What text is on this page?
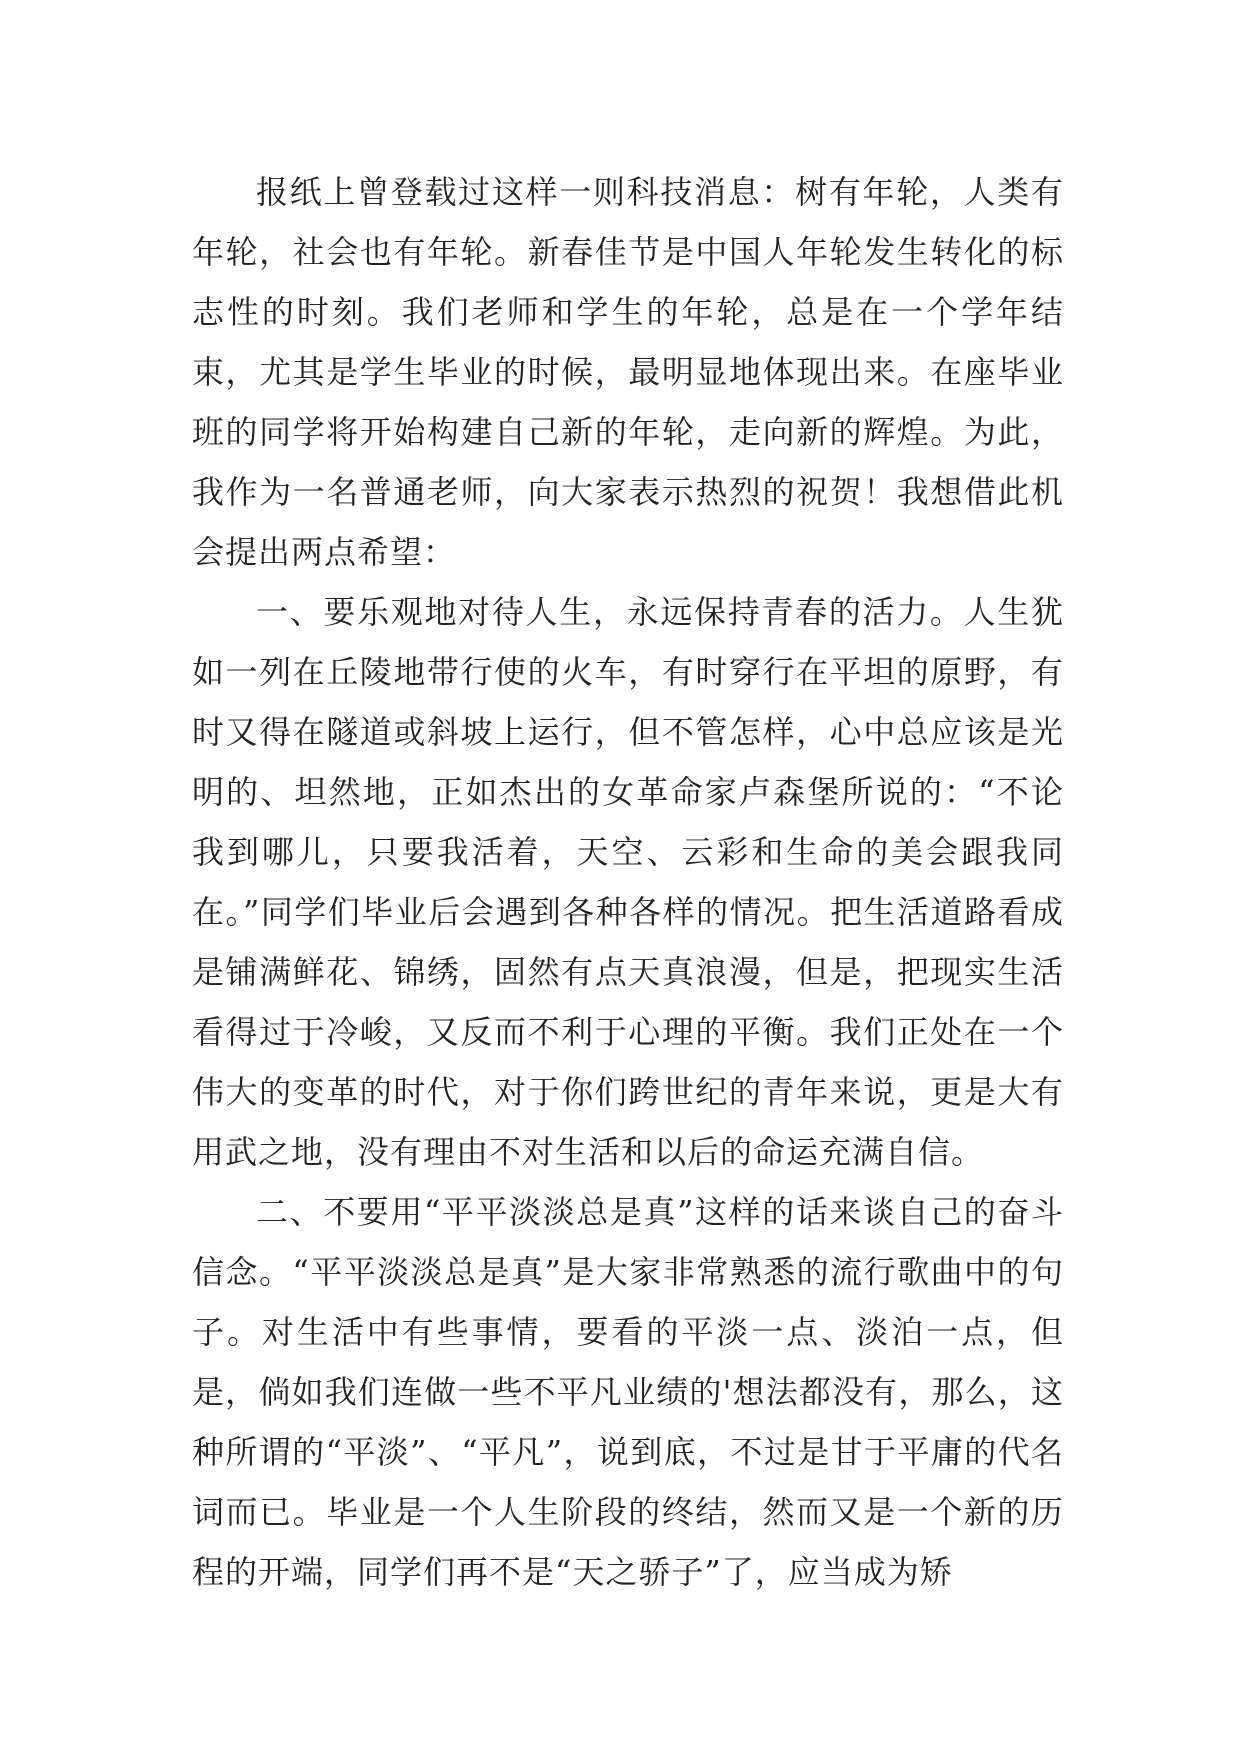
报纸上曾登载过这样一则科技消息：树有年轮，人类有年轮，社会也有年轮。新春佳节是中国人年轮发生转化的标志性的时刻。我们老师和学生的年轮，总是在一个学年结束，尤其是学生毕业的时候，最明显地体现出来。在座毕业班的同学将开始构建自己新的年轮，走向新的辉煌。为此，我作为一名普通老师，向大家表示热烈的祝贺！我想借此机会提出两点希望：

一、要乐观地对待人生，永远保持青春的活力。人生犹如一列在丘陵地带行使的火车，有时穿行在平坦的原野，有时又得在隧道或斜坡上运行，但不管怎样，心中总应该是光明的、坦然地，正如杰出的女革命家卢森堡所说的：“不论我到哪儿，只要我活着，天空、云彩和生命的美会跟我同在。”同学们毕业后会遇到各种各样的情况。把生活道路看成是铺满鲜花、锦绣，固然有点天真浪漫，但是，把现实生活看得过于冷峻，又反而不利于心理的平衡。我们正处在一个伟大的变革的时代，对于你们跨世纪的青年来说，更是大有用武之地，没有理由不对生活和以后的命运充满自信。

二、不要用“平平淡淡总是真”这样的话来谈自己的奋斗信念。“平平淡淡总是真”是大家非常熟悉的流行歌曲中的句子。对生活中有些事情，要看的平淡一点、淡泊一点，但是，倘如我们连做一些不平凡业绩的'想法都没有，那么，这种所谓的“平淡”、“平凡”，说到底，不过是甘于平庸的代名词而已。毕业是一个人生阶段的终结，然而又是一个新的历程的开端，同学们再不是“天之骄子”了，应当成为矫
